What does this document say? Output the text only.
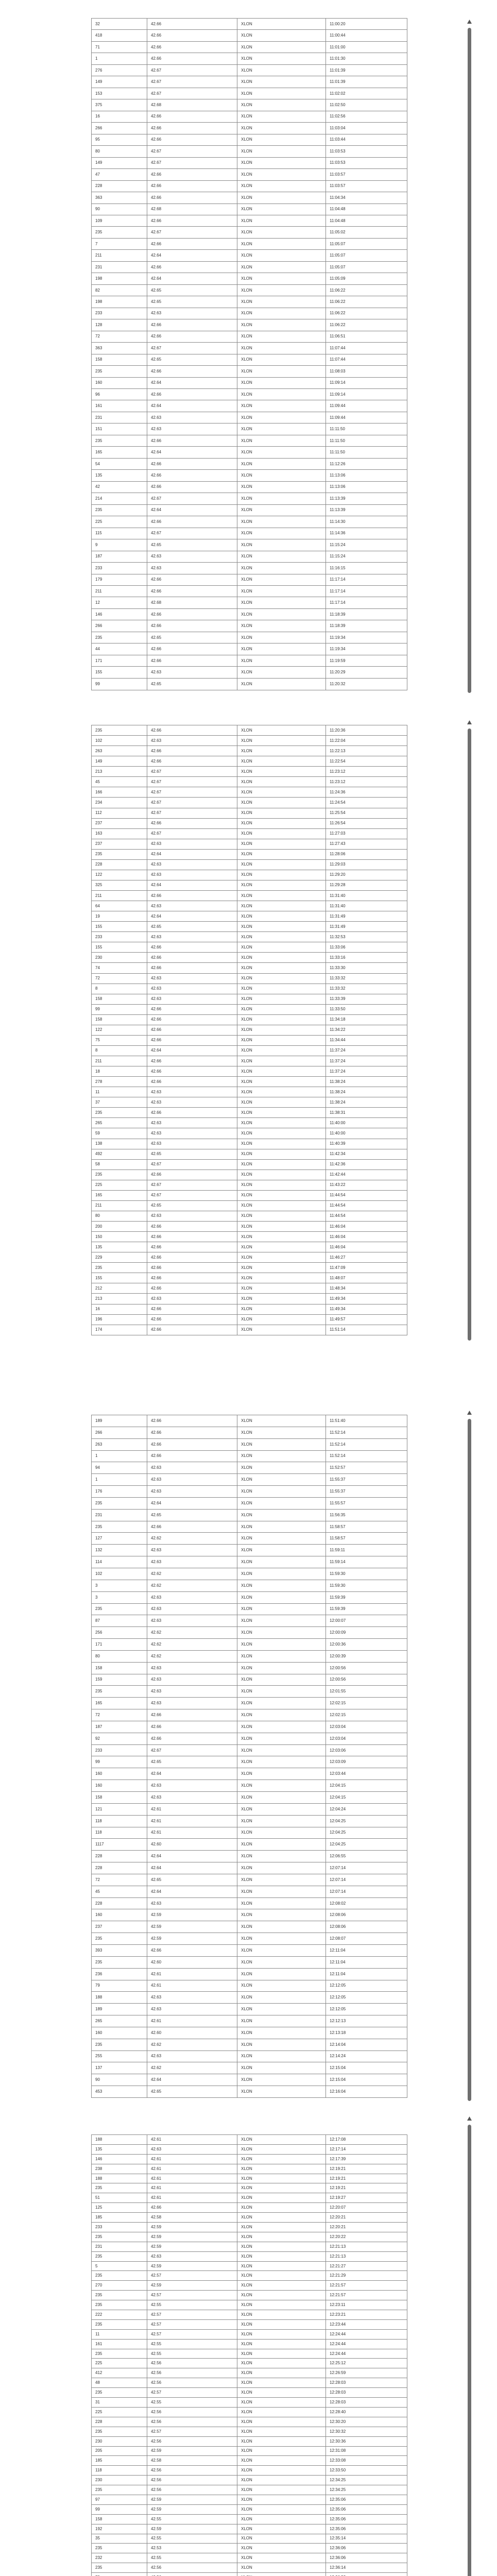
32	42.66	XLON	11:00:20
418	42.66	XLON	11:00:44
71	42.66	XLON	11:01:00
1	42.66	XLON	11:01:30
276	42.67	XLON	11:01:39
149	42.67	XLON	11:01:39
153	42.67	XLON	11:02:02
375	42.68	XLON	11:02:50
16	42.66	XLON	11:02:56
266	42.66	XLON	11:03:04
95	42.66	XLON	11:03:44
80	42.67	XLON	11:03:53
149	42.67	XLON	11:03:53
47	42.66	XLON	11:03:57
228	42.66	XLON	11:03:57
363	42.66	XLON	11:04:34
90	42.68	XLON	11:04:48
109	42.66	XLON	11:04:48
235	42.67	XLON	11:05:02
7	42.66	XLON	11:05:07
211	42.64	XLON	11:05:07
231	42.66	XLON	11:05:07
198	42.64	XLON	11:05:09
82	42.65	XLON	11:06:22
198	42.65	XLON	11:06:22
233	42.63	XLON	11:06:22
128	42.66	XLON	11:06:22
72	42.66	XLON	11:06:51
363	42.67	XLON	11:07:44
158	42.65	XLON	11:07:44
235	42.66	XLON	11:08:03
160	42.64	XLON	11:09:14
96	42.66	XLON	11:09:14
161	42.64	XLON	11:09:44
231	42.63	XLON	11:09:44
151	42.63	XLON	11:11:50
235	42.66	XLON	11:11:50
165	42.64	XLON	11:11:50
54	42.66	XLON	11:12:26
135	42.66	XLON	11:13:06
42	42.66	XLON	11:13:06
214	42.67	XLON	11:13:39
235	42.64	XLON	11:13:39
225	42.66	XLON	11:14:30
115	42.67	XLON	11:14:36
9	42.65	XLON	11:15:24
187	42.63	XLON	11:15:24
233	42.63	XLON	11:16:15
179	42.66	XLON	11:17:14
211	42.66	XLON	11:17:14
12	42.68	XLON	11:17:14
146	42.66	XLON	11:18:39
266	42.66	XLON	11:18:39
235	42.65	XLON	11:19:34
44	42.66	XLON	11:19:34
171	42.66	XLON	11:19:59
155	42.63	XLON	11:20:29
99	42.65	XLON	11:20:32
235	42.66	XLON	11:20:36
102	42.63	XLON	11:22:04
263	42.66	XLON	11:22:13
149	42.66	XLON	11:22:54
213	42.67	XLON	11:23:12
45	42.67	XLON	11:23:12
166	42.67	XLON	11:24:36
234	42.67	XLON	11:24:54
112	42.67	XLON	11:25:54
237	42.66	XLON	11:26:54
163	42.67	XLON	11:27:03
237	42.63	XLON	11:27:43
235	42.64	XLON	11:28:06
228	42.63	XLON	11:29:03
122	42.63	XLON	11:29:20
325	42.64	XLON	11:29:28
211	42.66	XLON	11:31:40
64	42.63	XLON	11:31:40
19	42.64	XLON	11:31:49
155	42.65	XLON	11:31:49
233	42.63	XLON	11:32:53
155	42.66	XLON	11:33:06
230	42.66	XLON	11:33:16
74	42.66	XLON	11:33:30
72	42.63	XLON	11:33:32
8	42.63	XLON	11:33:32
158	42.63	XLON	11:33:39
99	42.66	XLON	11:33:50
158	42.66	XLON	11:34:18
122	42.66	XLON	11:34:22
75	42.66	XLON	11:34:44
8	42.64	XLON	11:37:24
211	42.66	XLON	11:37:24
18	42.66	XLON	11:37:24
278	42.66	XLON	11:38:24
11	42.63	XLON	11:38:24
37	42.63	XLON	11:38:24
235	42.66	XLON	11:38:31
265	42.63	XLON	11:40:00
59	42.63	XLON	11:40:00
138	42.63	XLON	11:40:39
492	42.65	XLON	11:42:34
58	42.67	XLON	11:42:36
235	42.66	XLON	11:42:44
225	42.67	XLON	11:43:22
165	42.67	XLON	11:44:54
211	42.65	XLON	11:44:54
80	42.63	XLON	11:44:54
200	42.66	XLON	11:46:04
150	42.66	XLON	11:46:04
135	42.66	XLON	11:46:04
229	42.66	XLON	11:46:27
235	42.66	XLON	11:47:09
155	42.66	XLON	11:48:07
212	42.66	XLON	11:48:34
213	42.63	XLON	11:49:34
16	42.66	XLON	11:49:34
196	42.66	XLON	11:49:57
174	42.66	XLON	11:51:14
189	42.66	XLON	11:51:40
266	42.66	XLON	11:52:14
263	42.66	XLON	11:52:14
1	42.66	XLON	11:52:14
94	42.63	XLON	11:52:57
1	42.63	XLON	11:55:37
176	42.63	XLON	11:55:37
235	42.64	XLON	11:55:57
231	42.65	XLON	11:56:35
235	42.66	XLON	11:58:57
127	42.62	XLON	11:58:57
132	42.63	XLON	11:59:11
114	42.63	XLON	11:59:14
102	42.62	XLON	11:59:30
3	42.62	XLON	11:59:30
3	42.63	XLON	11:59:39
235	42.63	XLON	11:59:39
87	42.63	XLON	12:00:07
256	42.62	XLON	12:00:09
171	42.62	XLON	12:00:36
80	42.62	XLON	12:00:39
158	42.63	XLON	12:00:56
159	42.63	XLON	12:00:56
235	42.63	XLON	12:01:55
165	42.63	XLON	12:02:15
72	42.66	XLON	12:02:15
187	42.66	XLON	12:03:04
92	42.66	XLON	12:03:04
233	42.67	XLON	12:03:06
99	42.65	XLON	12:03:09
160	42.64	XLON	12:03:44
160	42.63	XLON	12:04:15
158	42.63	XLON	12:04:15
121	42.61	XLON	12:04:24
118	42.61	XLON	12:04:25
118	42.61	XLON	12:04:25
1117	42.60	XLON	12:04:25
228	42.64	XLON	12:06:55
228	42.64	XLON	12:07:14
72	42.65	XLON	12:07:14
45	42.64	XLON	12:07:14
228	42.63	XLON	12:08:02
160	42.59	XLON	12:08:06
237	42.59	XLON	12:08:06
235	42.59	XLON	12:08:07
393	42.66	XLON	12:11:04
235	42.60	XLON	12:11:04
236	42.61	XLON	12:11:04
79	42.61	XLON	12:12:05
188	42.63	XLON	12:12:05
189	42.63	XLON	12:12:05
265	42.61	XLON	12:12:13
160	42.60	XLON	12:13:18
235	42.62	XLON	12:14:04
255	42.63	XLON	12:14:24
137	42.62	XLON	12:15:04
90	42.64	XLON	12:15:04
453	42.65	XLON	12:16:04
188	42.61	XLON	12:17:08
135	42.63	XLON	12:17:14
146	42.61	XLON	12:17:39
238	42.61	XLON	12:19:21
188	42.61	XLON	12:19:21
235	42.61	XLON	12:19:21
51	42.61	XLON	12:19:27
125	42.66	XLON	12:20:07
185	42.58	XLON	12:20:21
233	42.59	XLON	12:20:21
235	42.59	XLON	12:20:22
231	42.59	XLON	12:21:13
235	42.63	XLON	12:21:13
5	42.59	XLON	12:21:27
235	42.57	XLON	12:21:29
270	42.59	XLON	12:21:57
235	42.57	XLON	12:21:57
235	42.55	XLON	12:23:11
222	42.57	XLON	12:23:21
235	42.57	XLON	12:23:44
11	42.57	XLON	12:24:44
161	42.55	XLON	12:24:44
235	42.55	XLON	12:24:44
225	42.56	XLON	12:25:12
412	42.56	XLON	12:26:59
48	42.56	XLON	12:28:03
235	42.57	XLON	12:28:03
31	42.55	XLON	12:28:03
225	42.56	XLON	12:28:40
228	42.56	XLON	12:30:20
235	42.57	XLON	12:30:32
230	42.56	XLON	12:30:36
205	42.59	XLON	12:31:08
185	42.58	XLON	12:33:08
118	42.56	XLON	12:33:50
230	42.56	XLON	12:34:25
235	42.56	XLON	12:34:25
97	42.59	XLON	12:35:06
99	42.59	XLON	12:35:06
158	42.55	XLON	12:35:06
192	42.59	XLON	12:35:06
35	42.55	XLON	12:35:14
235	42.53	XLON	12:36:06
232	42.55	XLON	12:36:06
235	42.56	XLON	12:36:14
